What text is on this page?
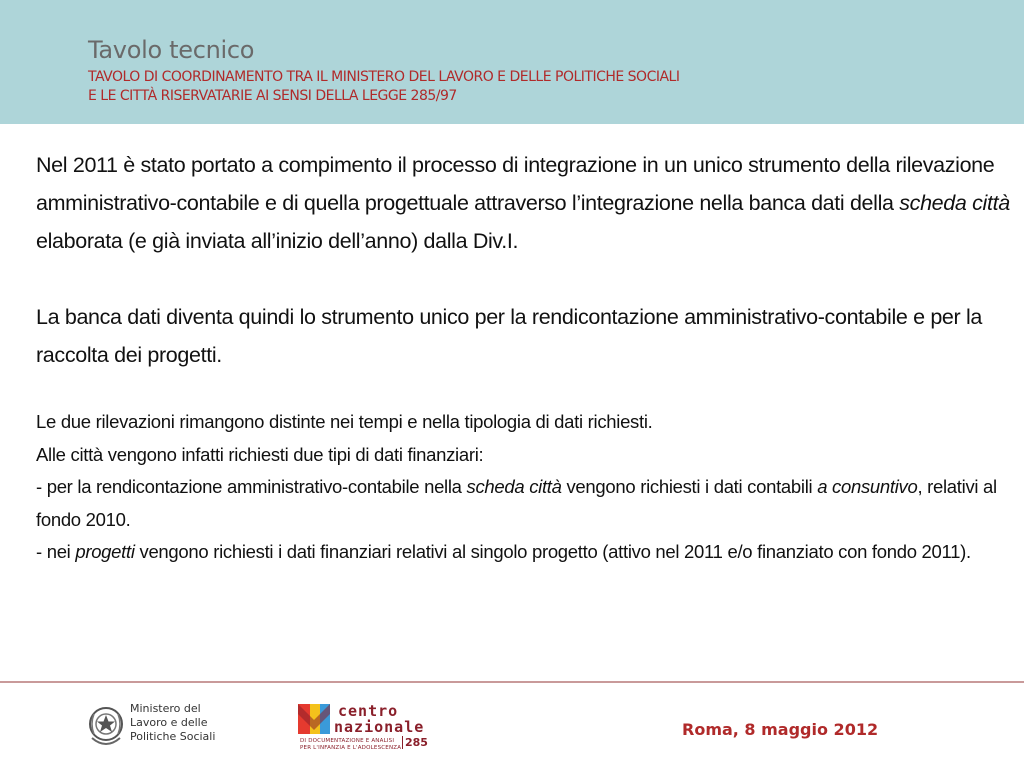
Tavolo tecnico
TAVOLO DI COORDINAMENTO TRA IL MINISTERO DEL LAVORO E DELLE POLITICHE SOCIALI
E LE CITTÀ RISERVATARIE AI SENSI DELLA LEGGE 285/97

Nel 2011 è stato portato a compimento il processo di integrazione in un unico strumento della rilevazione amministrativo-contabile e di quella progettuale attraverso l’integrazione nella banca dati della scheda città elaborata (e già inviata all’inizio dell’anno) dalla Div.I.

La banca dati diventa quindi lo strumento unico per la rendicontazione amministrativo-contabile e per la raccolta dei progetti.

Le due rilevazioni rimangono distinte nei tempi e nella tipologia di dati richiesti.

Alle città vengono infatti richiesti due tipi di dati finanziari:

- per la rendicontazione amministrativo-contabile nella scheda città vengono richiesti i dati contabili a consuntivo, relativi al fondo 2010.

- nei progetti vengono richiesti i dati finanziari relativi al singolo progetto (attivo nel 2011 e/o finanziato con fondo 2011).

Ministero del
Lavoro e delle
Politiche Sociali
centro
nazionale
DI DOCUMENTAZIONE E ANALISI
PER L'INFANZIA E L'ADOLESCENZA 285
Roma, 8 maggio 2012
